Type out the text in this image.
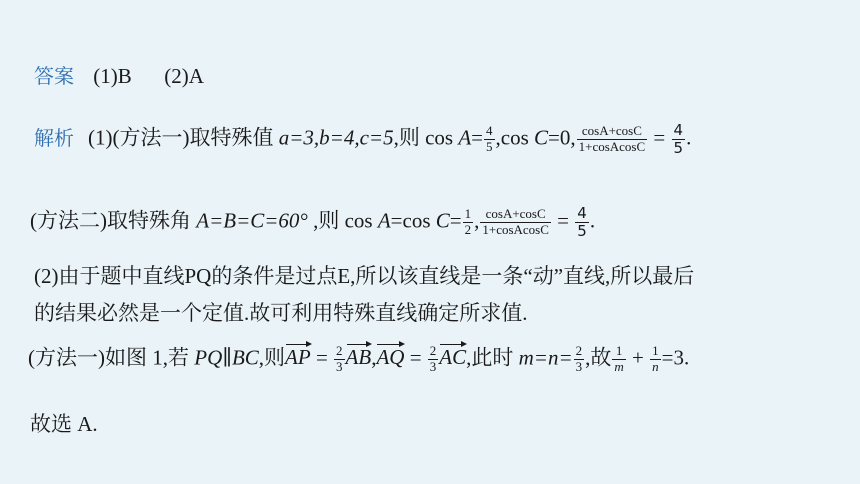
答案 (1)B (2)A
解析 (1)(方法一)取特殊值 a=3,b=4,c=5,则 $\cos A= \frac{4}{5} ,\cos$ C=0, $\frac{\cos A+\cos C}{\text{1+cosAcosC}} = \frac{4}{5}$ .
(方法二)取特殊角 A=B=C=60° ,则 cos A=cos $C= \frac{1}{2}$ , $\frac{\cos A+\cos C}{\text{1+cosAcosC}} = \frac{4}{5}$ .
(2)由于题中直线PQ的条件是过点E,所以该直线是一条“动”直线,所以最后
的结果必然是一个定值.故可利用特殊直线确定所求值.
(方法一)如图 1,若 PQ∥BC,则AP = $\frac{2}{3} AB,AQ = \frac{2}{3}$ AC,此时 $m=n= \frac{2}{3}$ ,故 $\frac{1}{m} + \frac{1}{n} =3$.
故选 A.
